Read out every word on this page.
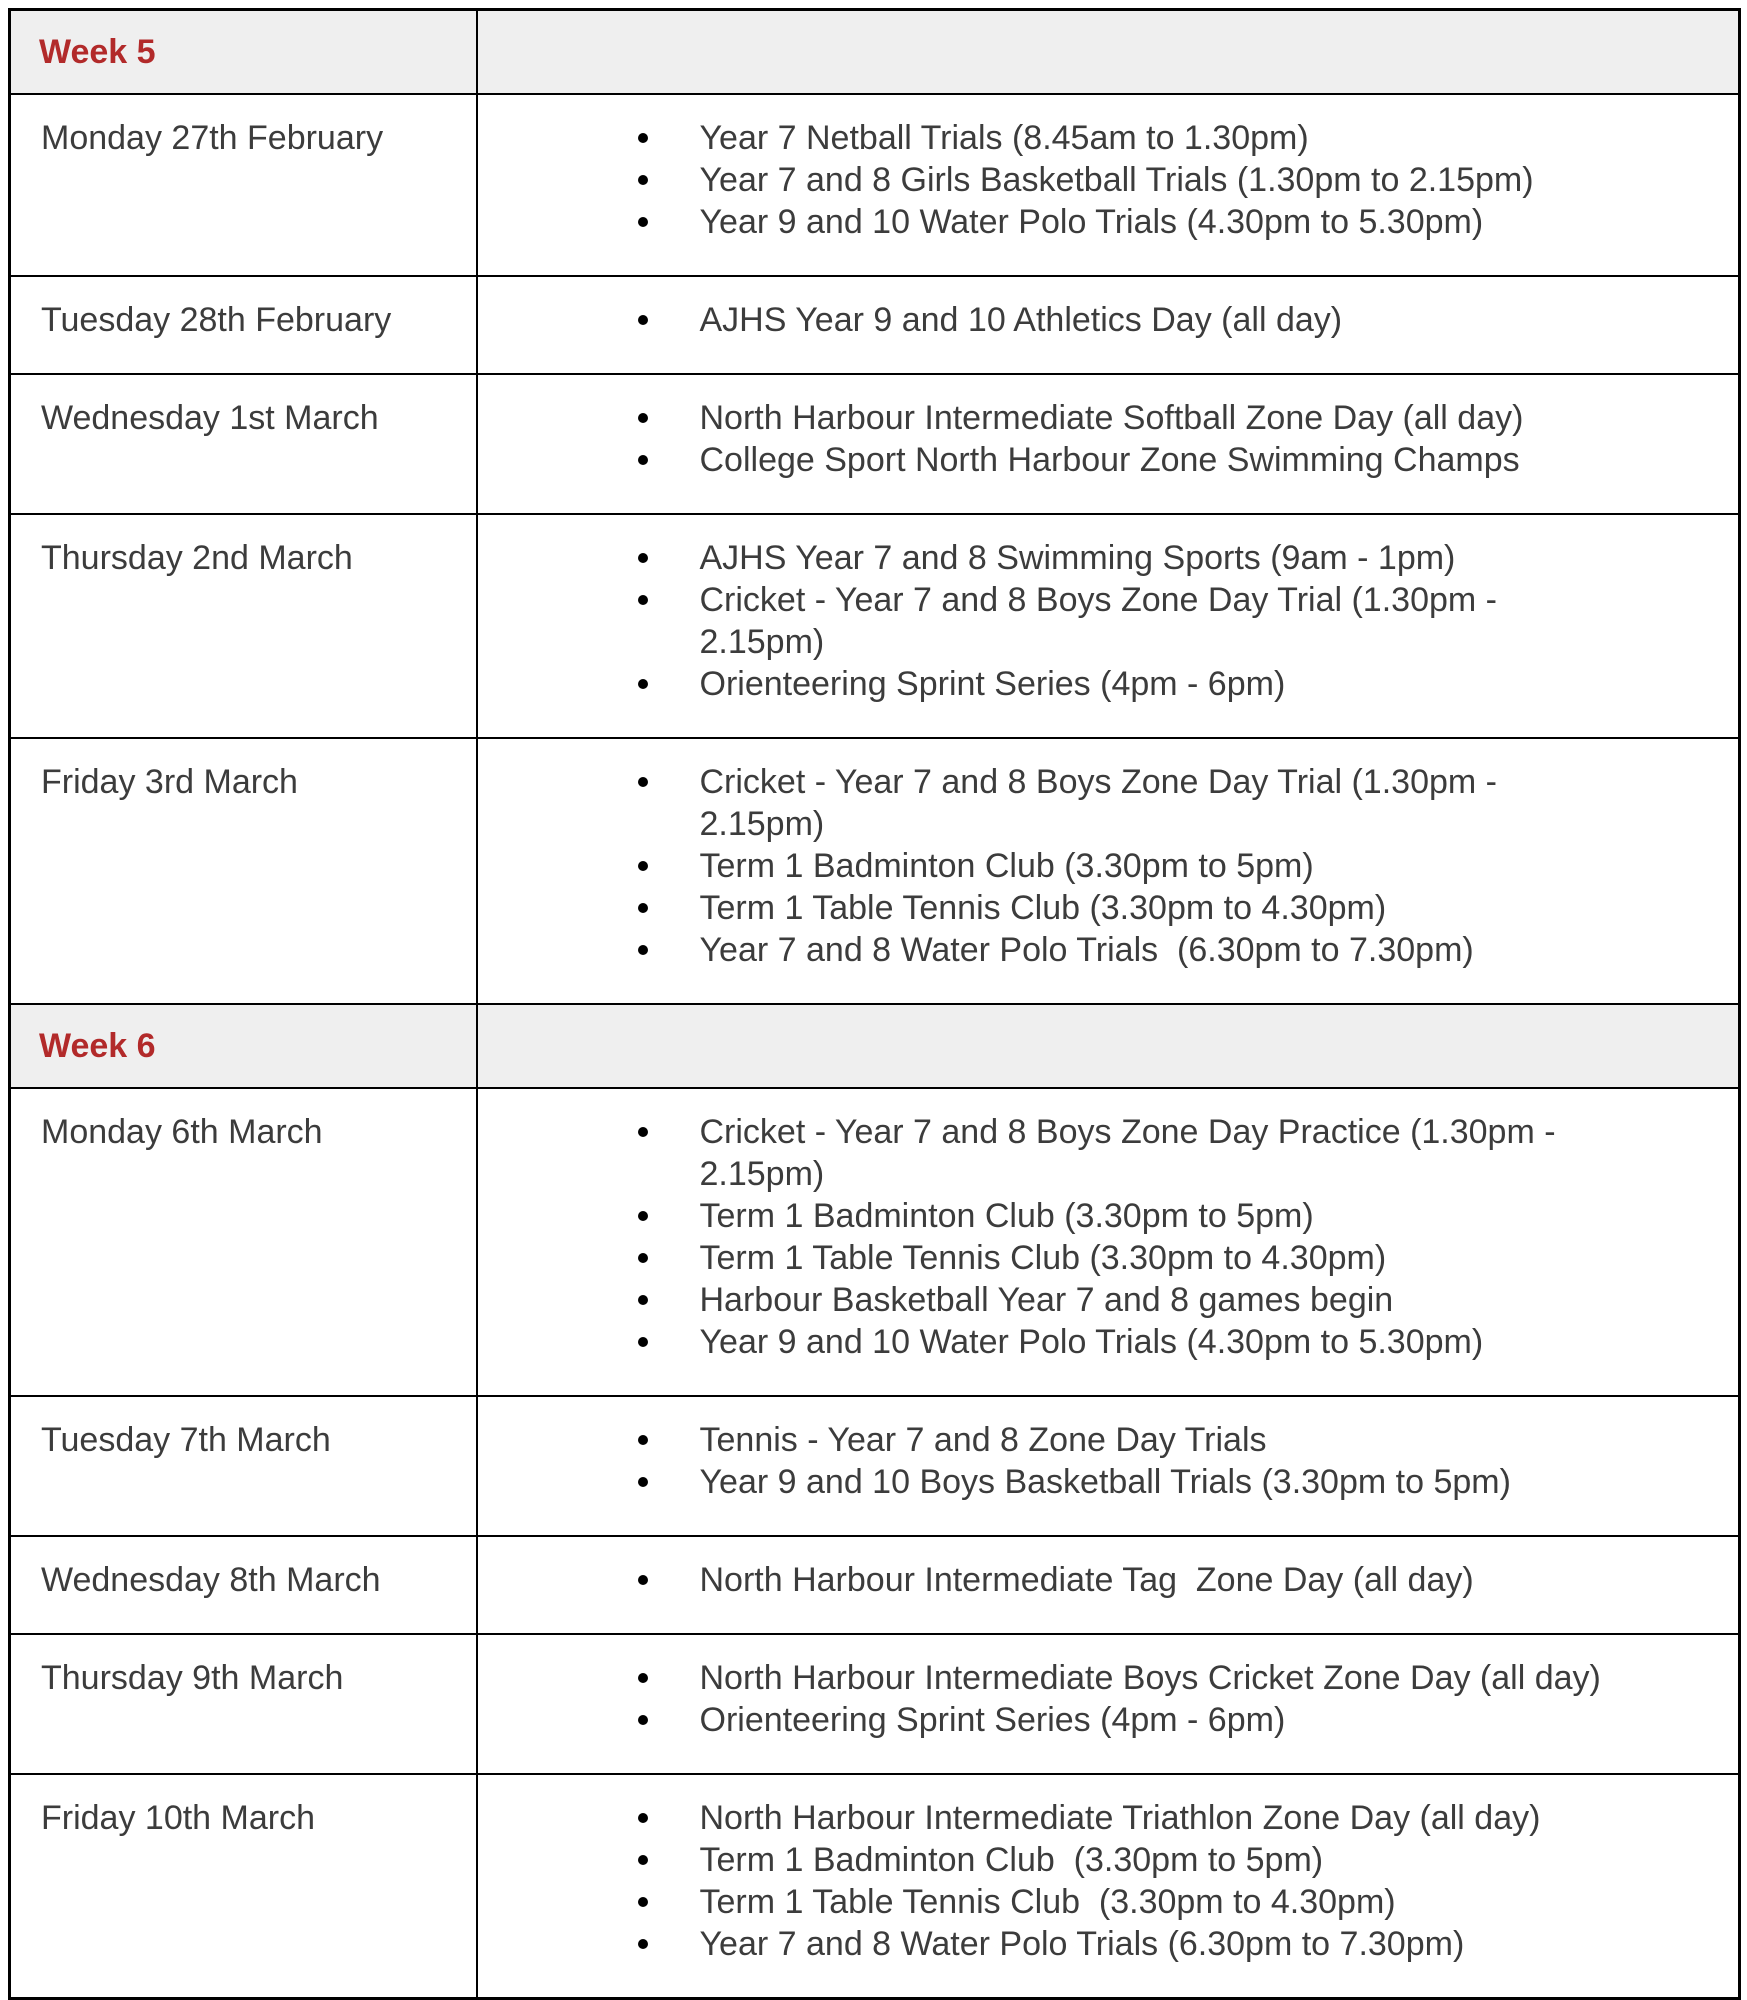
Week 5	
Monday 27th February	Year 7 Netball Trials (8.45am to 1.30pm)
Year 7 and 8 Girls Basketball Trials (1.30pm to 2.15pm)
Year 9 and 10 Water Polo Trials (4.30pm to 5.30pm)

Tuesday 28th February	AJHS Year 9 and 10 Athletics Day (all day)

Wednesday 1st March	North Harbour Intermediate Softball Zone Day (all day)
College Sport North Harbour Zone Swimming Champs

Thursday 2nd March	AJHS Year 7 and 8 Swimming Sports (9am - 1pm)
Cricket - Year 7 and 8 Boys Zone Day Trial (1.30pm - 2.15pm)
Orienteering Sprint Series (4pm - 6pm)

Friday 3rd March	Cricket - Year 7 and 8 Boys Zone Day Trial (1.30pm - 2.15pm)
Term 1 Badminton Club (3.30pm to 5pm)
Term 1 Table Tennis Club (3.30pm to 4.30pm)
Year 7 and 8 Water Polo Trials  (6.30pm to 7.30pm)

Week 6	
Monday 6th March	Cricket - Year 7 and 8 Boys Zone Day Practice (1.30pm - 2.15pm)
Term 1 Badminton Club (3.30pm to 5pm)
Term 1 Table Tennis Club (3.30pm to 4.30pm)
Harbour Basketball Year 7 and 8 games begin
Year 9 and 10 Water Polo Trials (4.30pm to 5.30pm)

Tuesday 7th March	Tennis - Year 7 and 8 Zone Day Trials
Year 9 and 10 Boys Basketball Trials (3.30pm to 5pm)

Wednesday 8th March	North Harbour Intermediate Tag  Zone Day (all day)

Thursday 9th March	North Harbour Intermediate Boys Cricket Zone Day (all day)
Orienteering Sprint Series (4pm - 6pm)

Friday 10th March	North Harbour Intermediate Triathlon Zone Day (all day)
Term 1 Badminton Club  (3.30pm to 5pm)
Term 1 Table Tennis Club  (3.30pm to 4.30pm)
Year 7 and 8 Water Polo Trials (6.30pm to 7.30pm)
